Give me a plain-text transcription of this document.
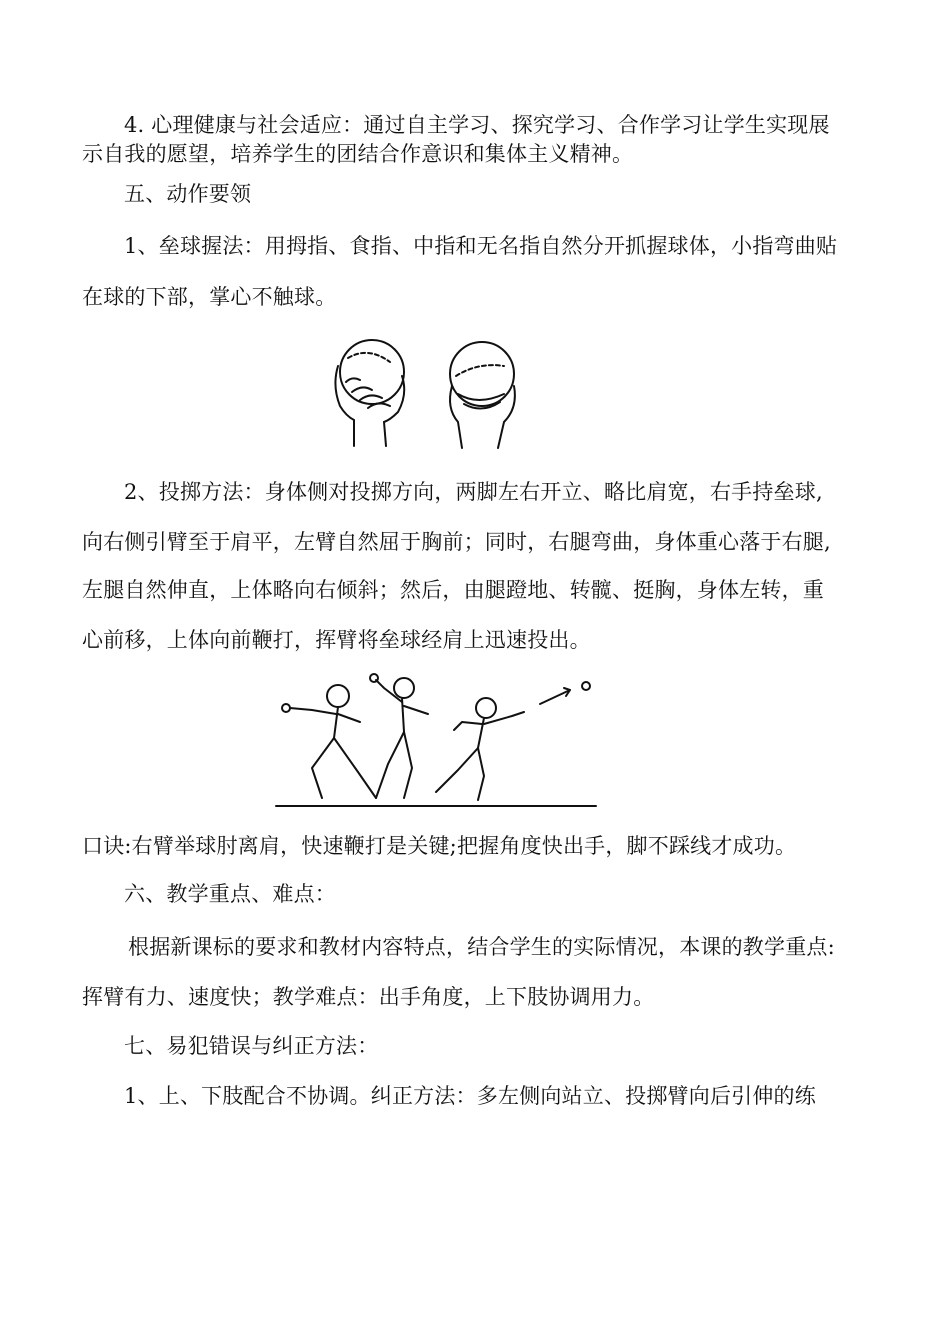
4. 心理健康与社会适应：通过自主学习、探究学习、合作学习让学生实现展
示自我的愿望，培养学生的团结合作意识和集体主义精神。
五、动作要领
1、垒球握法：用拇指、食指、中指和无名指自然分开抓握球体，小指弯曲贴
在球的下部，掌心不触球。
2、投掷方法：身体侧对投掷方向，两脚左右开立、略比肩宽，右手持垒球,
向右侧引臂至于肩平，左臂自然屈于胸前；同时，右腿弯曲，身体重心落于右腿,
左腿自然伸直，上体略向右倾斜；然后，由腿蹬地、转髋、挺胸，身体左转，重
心前移，上体向前鞭打，挥臂将垒球经肩上迅速投出。
口诀:右臂举球肘离肩，快速鞭打是关键;把握角度快出手，脚不踩线才成功。
六、教学重点、难点：
根据新课标的要求和教材内容特点，结合学生的实际情况，本课的教学重点:
挥臂有力、速度快；教学难点：出手角度，上下肢协调用力。
七、易犯错误与纠正方法：
1、上、下肢配合不协调。纠正方法：多左侧向站立、投掷臂向后引伸的练
